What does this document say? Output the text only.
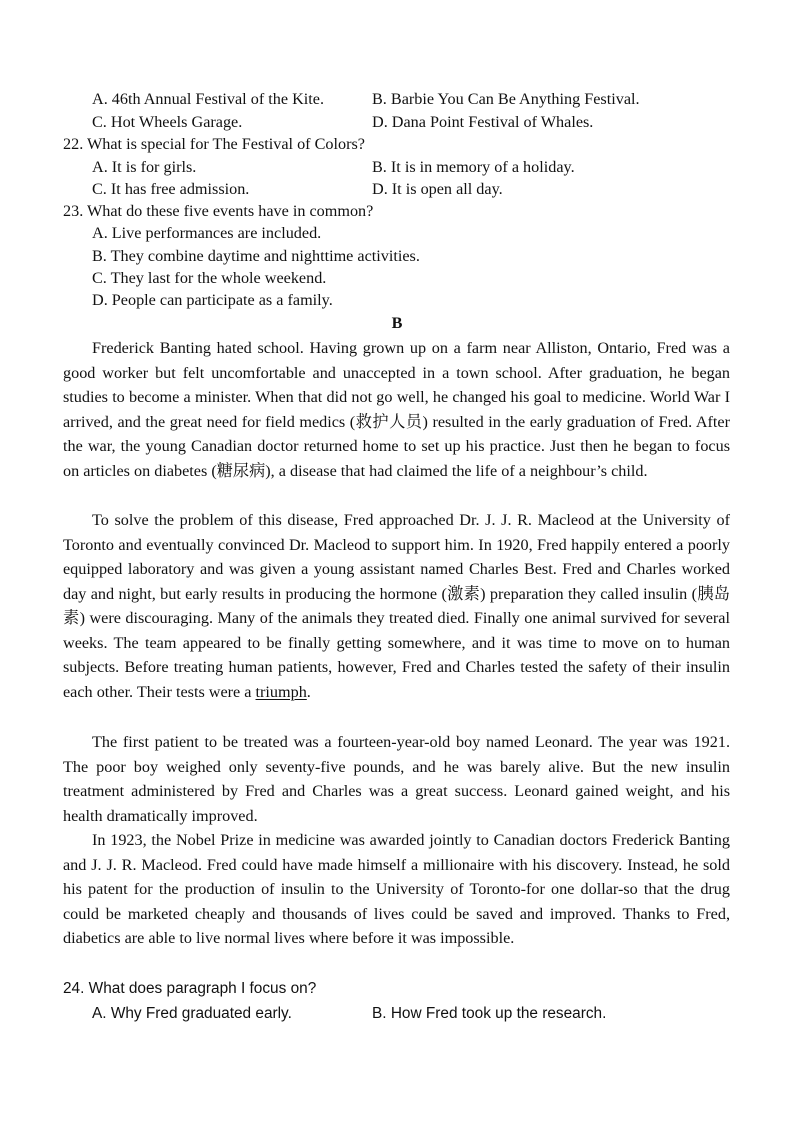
A. 46th Annual Festival of the Kite.	B. Barbie You Can Be Anything Festival.
C. Hot Wheels Garage.	D. Dana Point Festival of Whales.
22. What is special for The Festival of Colors?
A. It is for girls.	B. It is in memory of a holiday.
C. It has free admission.	D. It is open all day.
23. What do these five events have in common?
A. Live performances are included.
B. They combine daytime and nighttime activities.
C. They last for the whole weekend.
D. People can participate as a family.
B
Frederick Banting hated school. Having grown up on a farm near Alliston, Ontario, Fred was a good worker but felt uncomfortable and unaccepted in a town school. After graduation, he began studies to become a minister. When that did not go well, he changed his goal to medicine. World War I arrived, and the great need for field medics (救护人员) resulted in the early graduation of Fred. After the war, the young Canadian doctor returned home to set up his practice. Just then he began to focus on articles on diabetes (糖尿病), a disease that had claimed the life of a neighbour’s child.
To solve the problem of this disease, Fred approached Dr. J. J. R. Macleod at the University of Toronto and eventually convinced Dr. Macleod to support him. In 1920, Fred happily entered a poorly equipped laboratory and was given a young assistant named Charles Best. Fred and Charles worked day and night, but early results in producing the hormone (激素) preparation they called insulin (胰岛素) were discouraging. Many of the animals they treated died. Finally one animal survived for several weeks. The team appeared to be finally getting somewhere, and it was time to move on to human subjects. Before treating human patients, however, Fred and Charles tested the safety of their insulin each other. Their tests were a triumph.
The first patient to be treated was a fourteen-year-old boy named Leonard. The year was 1921. The poor boy weighed only seventy-five pounds, and he was barely alive. But the new insulin treatment administered by Fred and Charles was a great success. Leonard gained weight, and his health dramatically improved.
In 1923, the Nobel Prize in medicine was awarded jointly to Canadian doctors Frederick Banting and J. J. R. Macleod. Fred could have made himself a millionaire with his discovery. Instead, he sold his patent for the production of insulin to the University of Toronto-for one dollar-so that the drug could be marketed cheaply and thousands of lives could be saved and improved. Thanks to Fred, diabetics are able to live normal lives where before it was impossible.
24. What does paragraph I focus on?
A. Why Fred graduated early.	B. How Fred took up the research.
